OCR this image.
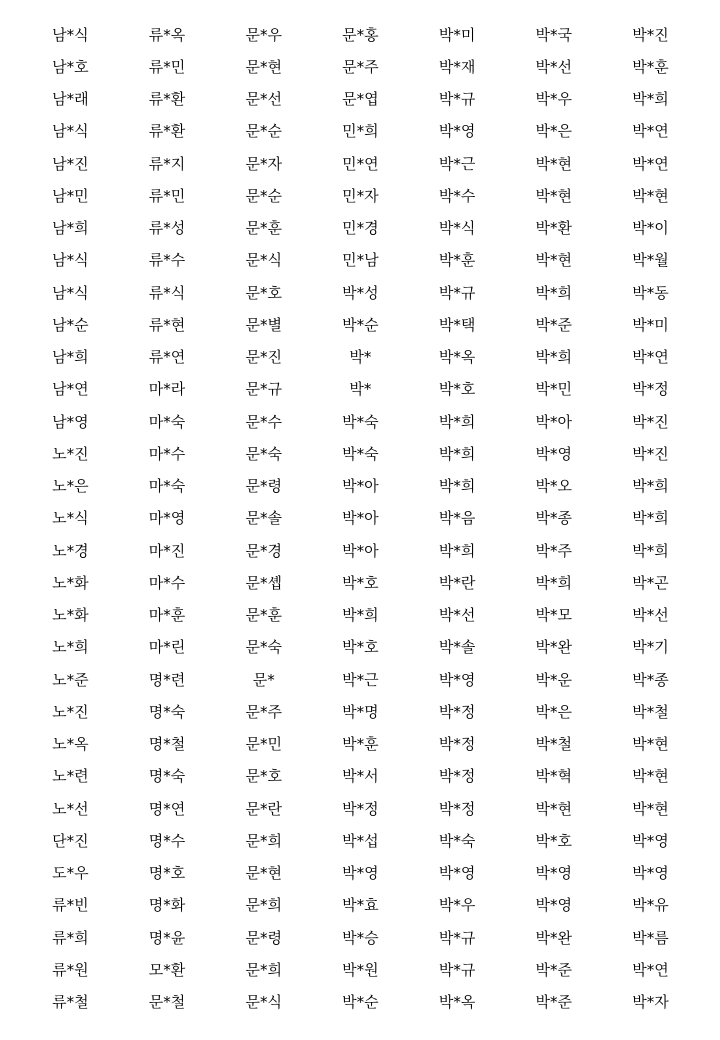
남*식	류*옥	문*우	문*홍	박*미	박*국	박*진
남*호	류*민	문*현	문*주	박*재	박*선	박*훈
남*래	류*환	문*선	문*엽	박*규	박*우	박*희
남*식	류*환	문*순	민*희	박*영	박*은	박*연
남*진	류*지	문*자	민*연	박*근	박*현	박*연
남*민	류*민	문*순	민*자	박*수	박*현	박*현
남*희	류*성	문*훈	민*경	박*식	박*환	박*이
남*식	류*수	문*식	민*남	박*훈	박*현	박*월
남*식	류*식	문*호	박*성	박*규	박*희	박*동
남*순	류*현	문*별	박*순	박*택	박*준	박*미
남*희	류*연	문*진	박*	박*옥	박*희	박*연
남*연	마*라	문*규	박*	박*호	박*민	박*정
남*영	마*숙	문*수	박*숙	박*희	박*아	박*진
노*진	마*수	문*숙	박*숙	박*희	박*영	박*진
노*은	마*숙	문*령	박*아	박*희	박*오	박*희
노*식	마*영	문*솔	박*아	박*음	박*종	박*희
노*경	마*진	문*경	박*아	박*희	박*주	박*희
노*화	마*수	문*솁	박*호	박*란	박*희	박*곤
노*화	마*훈	문*훈	박*희	박*선	박*모	박*선
노*희	마*린	문*숙	박*호	박*솔	박*완	박*기
노*준	명*련	문*	박*근	박*영	박*운	박*종
노*진	명*숙	문*주	박*명	박*정	박*은	박*철
노*옥	명*철	문*민	박*훈	박*정	박*철	박*현
노*련	명*숙	문*호	박*서	박*정	박*혁	박*현
노*선	명*연	문*란	박*정	박*정	박*현	박*현
단*진	명*수	문*희	박*섭	박*숙	박*호	박*영
도*우	명*호	문*현	박*영	박*영	박*영	박*영
류*빈	명*화	문*희	박*효	박*우	박*영	박*유
류*희	명*윤	문*령	박*승	박*규	박*완	박*름
류*원	모*환	문*희	박*원	박*규	박*준	박*연
류*철	문*철	문*식	박*순	박*옥	박*준	박*자
